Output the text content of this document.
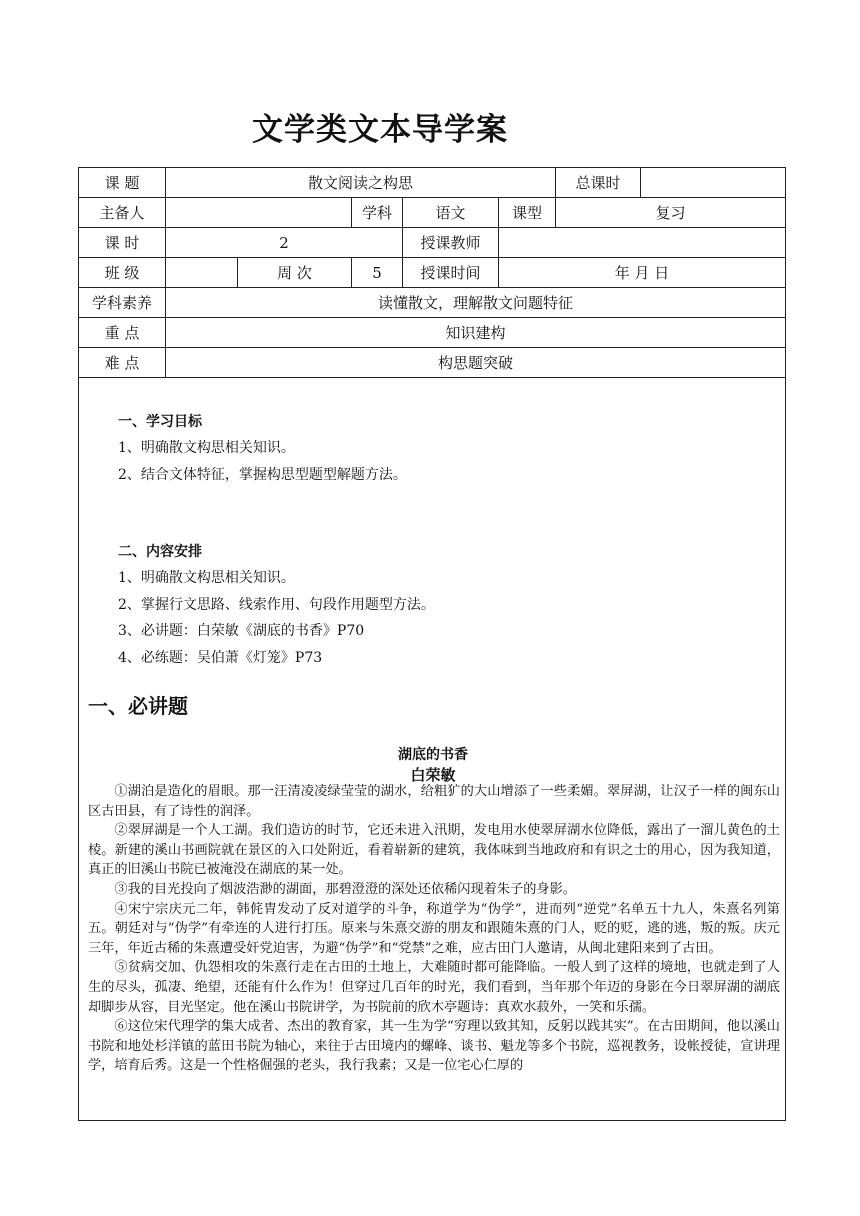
文学类文本导学案
课 题	散文阅读之构思					总课时	
主备人			学科	语文	课型	复习	
课 时	2			授课教师			
班 级		周 次	5	授课时间	年 月 日		
学科素养	读懂散文，理解散文问题特征						
重 点	知识建构						
难 点	构思题突破						
一、学习目标
1、明确散文构思相关知识。
2、结合文体特征，掌握构思型题型解题方法。
二、内容安排
1、明确散文构思相关知识。
2、掌握行文思路、线索作用、句段作用题型方法。
3、必讲题：白荣敏《湖底的书香》P70
4、必练题：吴伯萧《灯笼》P73
一、必讲题
湖底的书香
白荣敏

①湖泊是造化的眉眼。那一汪清凌凌绿莹莹的湖水，给粗犷的大山增添了一些柔媚。翠屏湖，让汉子一样的闽东山区古田县，有了诗性的润泽。

②翠屏湖是一个人工湖。我们造访的时节，它还未进入汛期，发电用水使翠屏湖水位降低，露出了一溜儿黄色的土棱。新建的溪山书画院就在景区的入口处附近，看着崭新的建筑，我体味到当地政府和有识之士的用心，因为我知道，真正的旧溪山书院已被淹没在湖底的某一处。

③我的目光投向了烟波浩渺的湖面，那碧澄澄的深处还依稀闪现着朱子的身影。

④宋宁宗庆元二年，韩侂胄发动了反对道学的斗争，称道学为“伪学”，进而列“逆党”名单五十九人，朱熹名列第五。朝廷对与“伪学”有牵连的人进行打压。原来与朱熹交游的朋友和跟随朱熹的门人，贬的贬，逃的逃，叛的叛。庆元三年，年近古稀的朱熹遭受奸党迫害，为避“伪学”和“党禁”之难，应古田门人邀请，从闽北建阳来到了古田。

⑤贫病交加、仇怨相攻的朱熹行走在古田的土地上，大难随时都可能降临。一般人到了这样的境地，也就走到了人生的尽头，孤凄、绝望，还能有什么作为！但穿过几百年的时光，我们看到，当年那个年迈的身影在今日翠屏湖的湖底却脚步从容，目光坚定。他在溪山书院讲学，为书院前的欣木亭题诗：真欢水菽外，一笑和乐孺。

⑥这位宋代理学的集大成者、杰出的教育家，其一生为学“穷理以致其知，反躬以践其实”。在古田期间，他以溪山书院和地处杉洋镇的蓝田书院为轴心，来往于古田境内的螺峰、谈书、魁龙等多个书院，巡视教务，设帐授徒，宣讲理学，培育后秀。这是一个性格倔强的老头，我行我素；又是一位宅心仁厚的
